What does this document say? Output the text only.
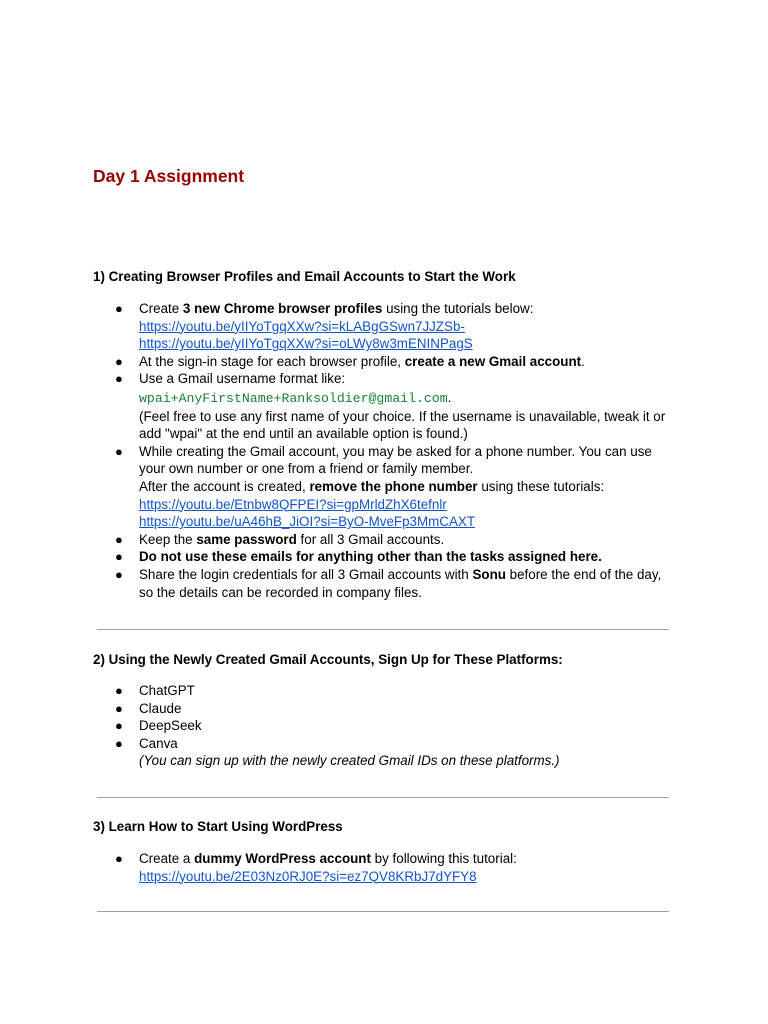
Day 1 Assignment
1) Creating Browser Profiles and Email Accounts to Start the Work
● Create 3 new Chrome browser profiles using the tutorials below:
https://youtu.be/yIIYoTgqXXw?si=kLABgGSwn7JJZSb-
https://youtu.be/yIIYoTgqXXw?si=oLWy8w3mENINPagS
● At the sign-in stage for each browser profile, create a new Gmail account.
● Use a Gmail username format like:
wpai+AnyFirstName+Ranksoldier@gmail.com.
(Feel free to use any first name of your choice. If the username is unavailable, tweak it or add "wpai" at the end until an available option is found.)
● While creating the Gmail account, you may be asked for a phone number. You can use your own number or one from a friend or family member.
After the account is created, remove the phone number using these tutorials:
https://youtu.be/Etnbw8QFPEI?si=gpMrldZhX6tefnlr
https://youtu.be/uA46hB_JiOI?si=ByO-MveFp3MmCAXT
● Keep the same password for all 3 Gmail accounts.
● Do not use these emails for anything other than the tasks assigned here.
● Share the login credentials for all 3 Gmail accounts with Sonu before the end of the day, so the details can be recorded in company files.
2) Using the Newly Created Gmail Accounts, Sign Up for These Platforms:
● ChatGPT
● Claude
● DeepSeek
● Canva
(You can sign up with the newly created Gmail IDs on these platforms.)
3) Learn How to Start Using WordPress
● Create a dummy WordPress account by following this tutorial:
https://youtu.be/2E03Nz0RJ0E?si=ez7QV8KRbJ7dYFY8
